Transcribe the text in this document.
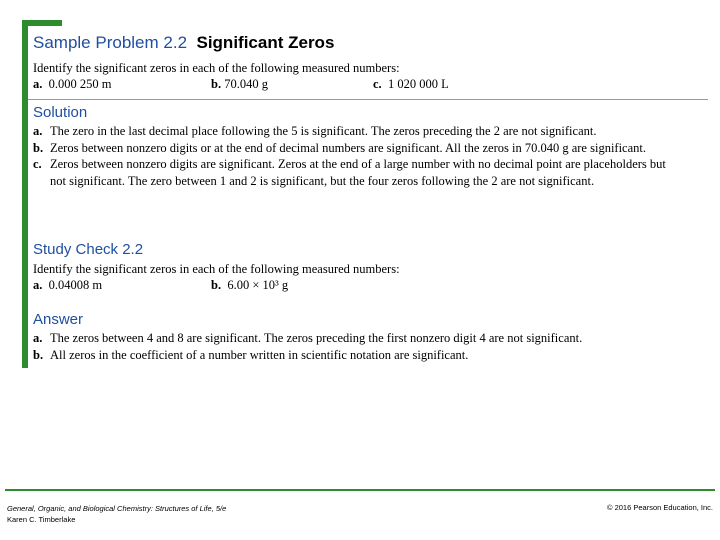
Sample Problem 2.2 Significant Zeros
Identify the significant zeros in each of the following measured numbers:
a. 0.000 250 m	b. 70.040 g	c. 1 020 000 L
Solution
a. The zero in the last decimal place following the 5 is significant. The zeros preceding the 2 are not significant.
b. Zeros between nonzero digits or at the end of decimal numbers are significant. All the zeros in 70.040 g are significant.
c. Zeros between nonzero digits are significant. Zeros at the end of a large number with no decimal point are placeholders but not significant. The zero between 1 and 2 is significant, but the four zeros following the 2 are not significant.
Study Check 2.2
Identify the significant zeros in each of the following measured numbers:
a. 0.04008 m	b. 6.00 × 10³ g
Answer
a. The zeros between 4 and 8 are significant. The zeros preceding the first nonzero digit 4 are not significant.
b. All zeros in the coefficient of a number written in scientific notation are significant.
General, Organic, and Biological Chemistry: Structures of Life, 5/e
Karen C. Timberlake
© 2016 Pearson Education, Inc.
